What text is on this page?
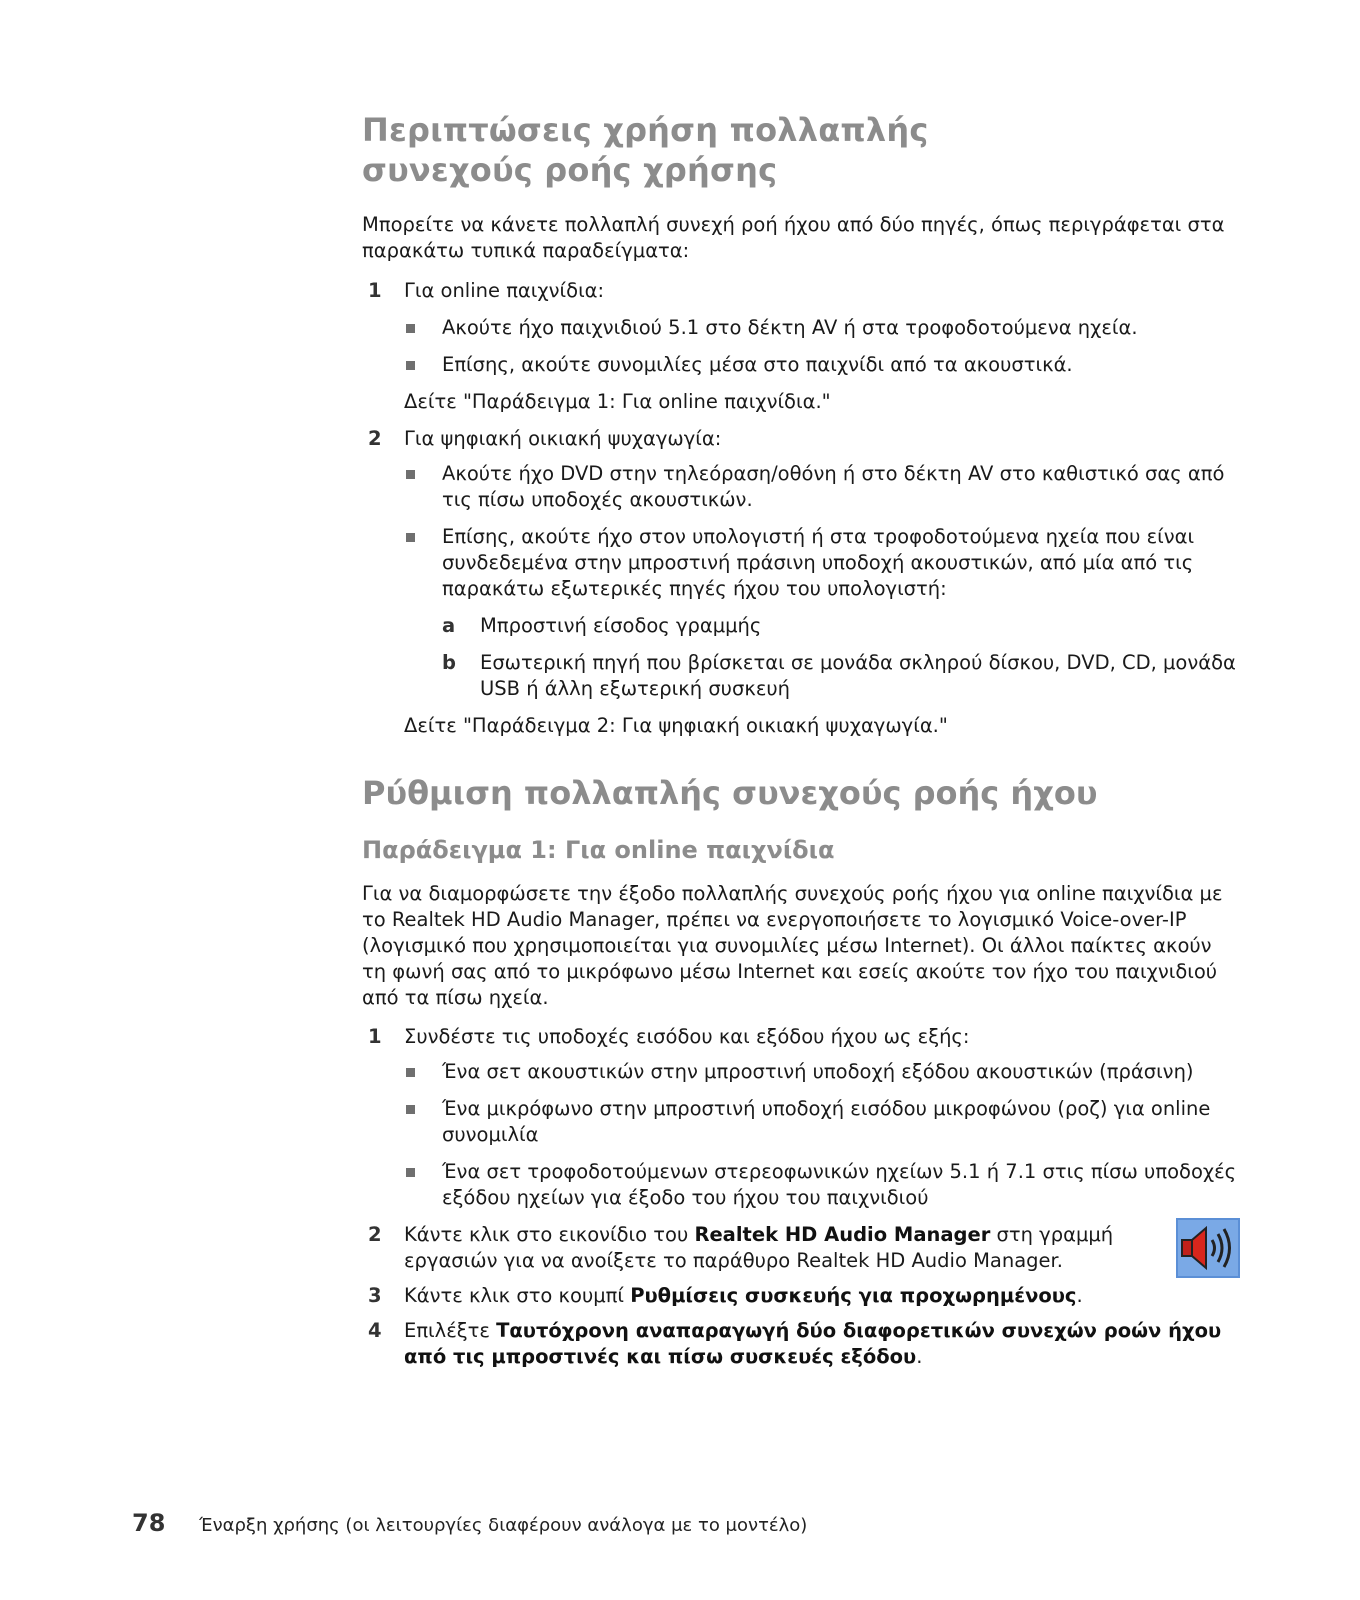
Περιπτώσεις χρήση πολλαπλής συνεχούς ροής χρήσης

Μπορείτε να κάνετε πολλαπλή συνεχή ροή ήχου από δύο πηγές, όπως περιγράφεται στα παρακάτω τυπικά παραδείγματα:

1 Για online παιχνίδια:
Ακούτε ήχο παιχνιδιού 5.1 στο δέκτη AV ή στα τροφοδοτούμενα ηχεία.
Επίσης, ακούτε συνομιλίες μέσα στο παιχνίδι από τα ακουστικά.
Δείτε "Παράδειγμα 1: Για online παιχνίδια."
2 Για ψηφιακή οικιακή ψυχαγωγία:
Ακούτε ήχο DVD στην τηλεόραση/οθόνη ή στο δέκτη AV στο καθιστικό σας από τις πίσω υποδοχές ακουστικών.
Επίσης, ακούτε ήχο στον υπολογιστή ή στα τροφοδοτούμενα ηχεία που είναι συνδεδεμένα στην μπροστινή πράσινη υποδοχή ακουστικών, από μία από τις παρακάτω εξωτερικές πηγές ήχου του υπολογιστή:
a Μπροστινή είσοδος γραμμής
b Εσωτερική πηγή που βρίσκεται σε μονάδα σκληρού δίσκου, DVD, CD, μονάδα USB ή άλλη εξωτερική συσκευή
Δείτε "Παράδειγμα 2: Για ψηφιακή οικιακή ψυχαγωγία."
Ρύθμιση πολλαπλής συνεχούς ροής ήχου
Παράδειγμα 1: Για online παιχνίδια

Για να διαμορφώσετε την έξοδο πολλαπλής συνεχούς ροής ήχου για online παιχνίδια με το Realtek HD Audio Manager, πρέπει να ενεργοποιήσετε το λογισμικό Voice-over-IP (λογισμικό που χρησιμοποιείται για συνομιλίες μέσω Internet). Οι άλλοι παίκτες ακούν τη φωνή σας από το μικρόφωνο μέσω Internet και εσείς ακούτε τον ήχο του παιχνιδιού από τα πίσω ηχεία.

1 Συνδέστε τις υποδοχές εισόδου και εξόδου ήχου ως εξής:
Ένα σετ ακουστικών στην μπροστινή υποδοχή εξόδου ακουστικών (πράσινη)
Ένα μικρόφωνο στην μπροστινή υποδοχή εισόδου μικροφώνου (ροζ) για online συνομιλία
Ένα σετ τροφοδοτούμενων στερεοφωνικών ηχείων 5.1 ή 7.1 στις πίσω υποδοχές εξόδου ηχείων για έξοδο του ήχου του παιχνιδιού
2 Κάντε κλικ στο εικονίδιο του Realtek HD Audio Manager στη γραμμή εργασιών για να ανοίξετε το παράθυρο Realtek HD Audio Manager.
3 Κάντε κλικ στο κουμπί Ρυθμίσεις συσκευής για προχωρημένους.
4 Επιλέξτε Ταυτόχρονη αναπαραγωγή δύο διαφορετικών συνεχών ροών ήχου από τις μπροστινές και πίσω συσκευές εξόδου.
78 Έναρξη χρήσης (οι λειτουργίες διαφέρουν ανάλογα με το μοντέλο)
